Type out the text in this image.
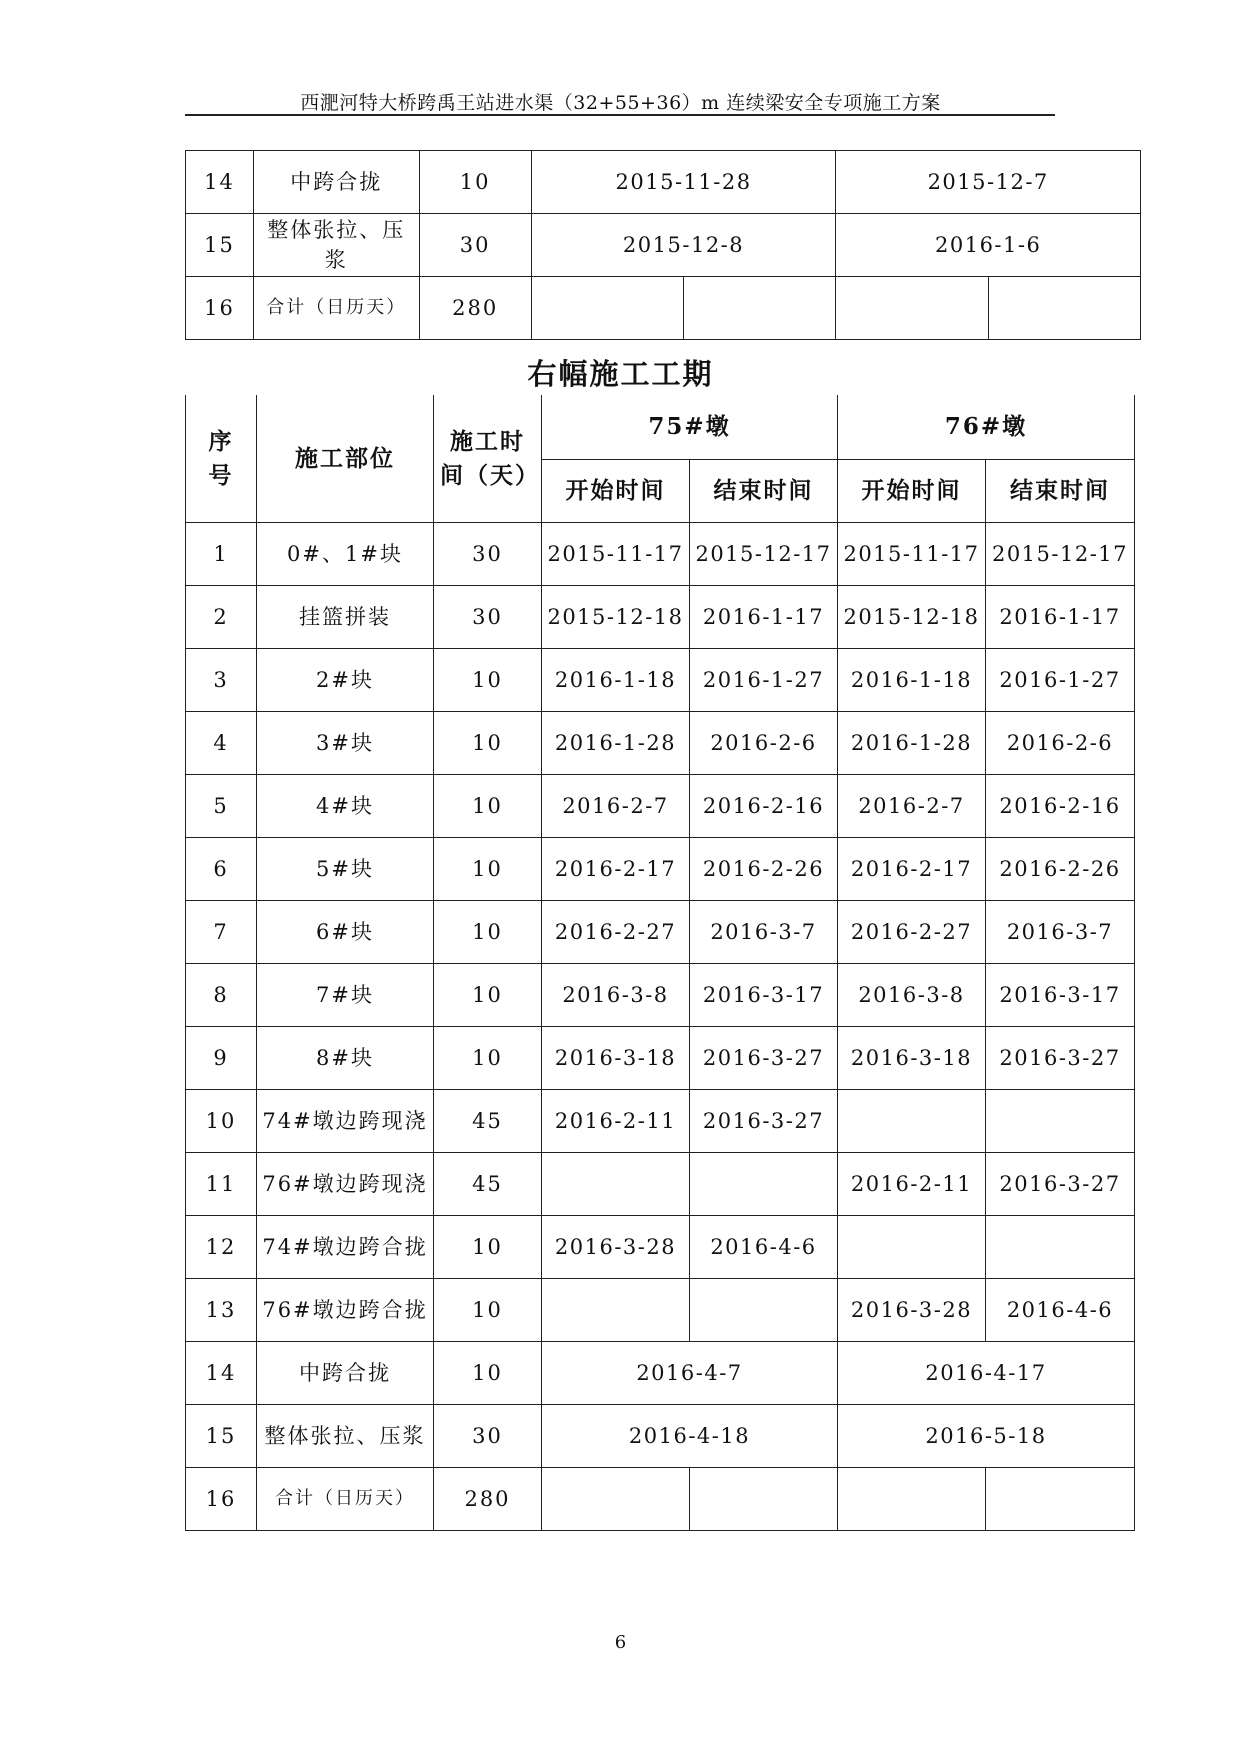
西淝河特大桥跨禹王站进水渠（32+55+36）m 连续梁安全专项施工方案
14	中跨合拢	10	2015-11-28		2015-12-7	
15	整体张拉、压浆	30	2015-12-8		2016-1-6	
16	合计（日历天）	280				
右幅施工工期
序号	施工部位	施工时间（天）	75#墩		76#墩	
			开始时间	结束时间	开始时间	结束时间
1	0#、1#块	30	2015-11-17	2015-12-17	2015-11-17	2015-12-17
2	挂篮拼装	30	2015-12-18	2016-1-17	2015-12-18	2016-1-17
3	2#块	10	2016-1-18	2016-1-27	2016-1-18	2016-1-27
4	3#块	10	2016-1-28	2016-2-6	2016-1-28	2016-2-6
5	4#块	10	2016-2-7	2016-2-16	2016-2-7	2016-2-16
6	5#块	10	2016-2-17	2016-2-26	2016-2-17	2016-2-26
7	6#块	10	2016-2-27	2016-3-7	2016-2-27	2016-3-7
8	7#块	10	2016-3-8	2016-3-17	2016-3-8	2016-3-17
9	8#块	10	2016-3-18	2016-3-27	2016-3-18	2016-3-27
10	74#墩边跨现浇	45	2016-2-11	2016-3-27		
11	76#墩边跨现浇	45			2016-2-11	2016-3-27
12	74#墩边跨合拢	10	2016-3-28	2016-4-6		
13	76#墩边跨合拢	10			2016-3-28	2016-4-6
14	中跨合拢	10	2016-4-7		2016-4-17	
15	整体张拉、压浆	30	2016-4-18		2016-5-18	
16	合计（日历天）	280				
6
